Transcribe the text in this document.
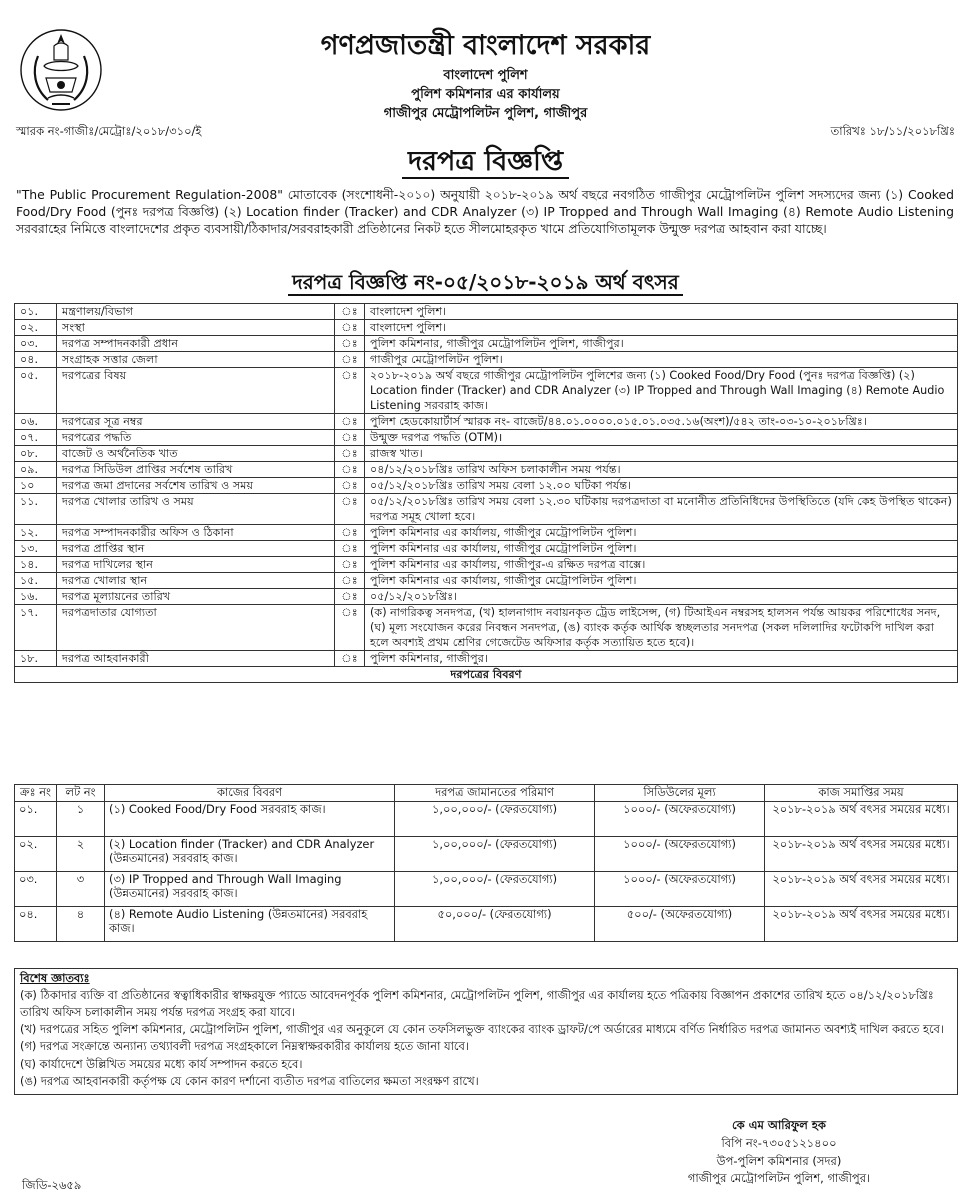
গণপ্রজাতন্ত্রী বাংলাদেশ সরকার
বাংলাদেশ পুলিশ
পুলিশ কমিশনার এর কার্যালয়
গাজীপুর মেট্রোপলিটন পুলিশ, গাজীপুর
স্মারক নং-গাজীঃ/মেট্রোঃ/২০১৮/৩১০/ই	তারিখঃ ১৮/১১/২০১৮খ্রিঃ
দরপত্র বিজ্ঞপ্তি
"The Public Procurement Regulation-2008" মোতাবেক (সংশোধনী-২০১০) অনুযায়ী ২০১৮-২০১৯ অর্থ বছরে নবগঠিত গাজীপুর মেট্রোপলিটন পুলিশ সদস্যদের জন্য (১) Cooked Food/Dry Food (পুনঃ দরপত্র বিজ্ঞপ্তি) (২) Location finder (Tracker) and CDR Analyzer (৩) IP Tropped and Through Wall Imaging (৪) Remote Audio Listening সরবরাহের নিমিত্তে বাংলাদেশের প্রকৃত ব্যবসায়ী/ঠিকাদার/সরবরাহকারী প্রতিষ্ঠানের নিকট হতে সীলমোহরকৃত খামে প্রতিযোগিতামূলক উন্মুক্ত দরপত্র আহবান করা যাচ্ছে।
দরপত্র বিজ্ঞপ্তি নং-০৫/২০১৮-২০১৯ অর্থ বৎসর
০১.	মন্ত্রণালয়/বিভাগ	ঃ	বাংলাদেশ পুলিশ।
০২.	সংস্থা	ঃ	বাংলাদেশ পুলিশ।
০৩.	দরপত্র সম্পাদনকারী প্রধান	ঃ	পুলিশ কমিশনার, গাজীপুর মেট্রোপলিটন পুলিশ, গাজীপুর।
০৪.	সংগ্রাহক সত্তার জেলা	ঃ	গাজীপুর মেট্রোপলিটন পুলিশ।
০৫.	দরপত্রের বিষয়	ঃ	২০১৮-২০১৯ অর্থ বছরে গাজীপুর মেট্রোপলিটন পুলিশের জন্য (১) Cooked Food/Dry Food (পুনঃ দরপত্র বিজ্ঞপ্তি) (২) Location finder (Tracker) and CDR Analyzer (৩) IP Tropped and Through Wall Imaging (৪) Remote Audio Listening সরবরাহ কাজ।
০৬.	দরপত্রের সূত্র নম্বর	ঃ	পুলিশ হেডকোয়ার্টার্স স্মারক নং- বাজেট/৪৪.০১.০০০০.০১৫.০১.০৩৫.১৬(অংশ)/৫৪২ তাং-০৩-১০-২০১৮খ্রিঃ।
০৭.	দরপত্রের পদ্ধতি	ঃ	উন্মুক্ত দরপত্র পদ্ধতি (OTM)।
০৮.	বাজেট ও অর্থনৈতিক খাত	ঃ	রাজস্ব খাত।
০৯.	দরপত্র সিডিউল প্রাপ্তির সর্বশেষ তারিখ	ঃ	০৪/১২/২০১৮খ্রিঃ তারিখ অফিস চলাকালীন সময় পর্যন্ত।
১০	দরপত্র জমা প্রদানের সর্বশেষ তারিখ ও সময়	ঃ	০৫/১২/২০১৮খ্রিঃ তারিখ সময় বেলা ১২.০০ ঘটিকা পর্যন্ত।
১১.	দরপত্র খোলার তারিখ ও সময়	ঃ	০৫/১২/২০১৮খ্রিঃ তারিখ সময় বেলা ১২.৩০ ঘটিকায় দরপত্রদাতা বা মনোনীত প্রতিনিধিদের উপস্থিতিতে (যদি কেহ উপস্থিত থাকেন) দরপত্র সমূহ খোলা হবে।
১২.	দরপত্র সম্পাদনকারীর অফিস ও ঠিকানা	ঃ	পুলিশ কমিশনার এর কার্যালয়, গাজীপুর মেট্রোপলিটন পুলিশ।
১৩.	দরপত্র প্রাপ্তির স্থান	ঃ	পুলিশ কমিশনার এর কার্যালয়, গাজীপুর মেট্রোপলিটন পুলিশ।
১৪.	দরপত্র দাখিলের স্থান	ঃ	পুলিশ কমিশনার এর কার্যালয়, গাজীপুর-এ রক্ষিত দরপত্র বাক্সে।
১৫.	দরপত্র খোলার স্থান	ঃ	পুলিশ কমিশনার এর কার্যালয়, গাজীপুর মেট্রোপলিটন পুলিশ।
১৬.	দরপত্র মূল্যায়নের তারিখ	ঃ	০৫/১২/২০১৮খ্রিঃ।
১৭.	দরপত্রদাতার যোগ্যতা	ঃ	(ক) নাগরিকত্ব সনদপত্র, (খ) হালনাগাদ নবায়নকৃত ট্রেড লাইসেন্স, (গ) টিআইএন নম্বরসহ হালসন পর্যন্ত আয়কর পরিশোধের সনদ, (ঘ) মূল্য সংযোজন করের নিবন্ধন সনদপত্র, (ঙ) ব্যাংক কর্তৃক আর্থিক স্বচ্ছলতার সনদপত্র (সকল দলিলাদির ফটোকপি দাখিল করা হলে অবশ্যই প্রথম শ্রেণির গেজেটেড অফিসার কর্তৃক সত্যায়িত হতে হবে)।
১৮.	দরপত্র আহবানকারী	ঃ	পুলিশ কমিশনার, গাজীপুর।
দরপত্রের বিবরণ			
ক্রঃ নং	লট নং	কাজের বিবরণ	দরপত্র জামানতের পরিমাণ	সিডিউলের মূল্য	কাজ সমাপ্তির সময়
০১.	১	(১) Cooked Food/Dry Food সরবরাহ কাজ।	১,০০,০০০/- (ফেরতযোগ্য)	১০০০/- (অফেরতযোগ্য)	২০১৮-২০১৯ অর্থ বৎসর সময়ের মধ্যে।
০২.	২	(২) Location finder (Tracker) and CDR Analyzer (উন্নতমানের) সরবরাহ কাজ।	১,০০,০০০/- (ফেরতযোগ্য)	১০০০/- (অফেরতযোগ্য)	২০১৮-২০১৯ অর্থ বৎসর সময়ের মধ্যে।
০৩.	৩	(৩) IP Tropped and Through Wall Imaging (উন্নতমানের) সরবরাহ কাজ।	১,০০,০০০/- (ফেরতযোগ্য)	১০০০/- (অফেরতযোগ্য)	২০১৮-২০১৯ অর্থ বৎসর সময়ের মধ্যে।
০৪.	৪	(৪) Remote Audio Listening (উন্নতমানের) সরবরাহ কাজ।	৫০,০০০/- (ফেরতযোগ্য)	৫০০/- (অফেরতযোগ্য)	২০১৮-২০১৯ অর্থ বৎসর সময়ের মধ্যে।
বিশেষ জ্ঞাতব্যঃ
(ক) ঠিকাদার ব্যক্তি বা প্রতিষ্ঠানের স্বত্বাধিকারীর স্বাক্ষরযুক্ত প্যাডে আবেদনপূর্বক পুলিশ কমিশনার, মেট্রোপলিটন পুলিশ, গাজীপুর এর কার্যালয় হতে পত্রিকায় বিজ্ঞাপন প্রকাশের তারিখ হতে ০৪/১২/২০১৮খ্রিঃ তারিখ অফিস চলাকালীন সময় পর্যন্ত দরপত্র সংগ্রহ করা যাবে।
(খ) দরপত্রের সহিত পুলিশ কমিশনার, মেট্রোপলিটন পুলিশ, গাজীপুর এর অনুকূলে যে কোন তফসিলভুক্ত ব্যাংকের ব্যাংক ড্রাফট/পে অর্ডারের মাধ্যমে বর্ণিত নির্ধারিত দরপত্র জামানত অবশ্যই দাখিল করতে হবে।
(গ) দরপত্র সংক্রান্তে অন্যান্য তথ্যাবলী দরপত্র সংগ্রহকালে নিম্নস্বাক্ষরকারীর কার্যালয় হতে জানা যাবে।
(ঘ) কার্যাদেশে উল্লিখিত সময়ের মধ্যে কার্য সম্পাদন করতে হবে।
(ঙ) দরপত্র আহবানকারী কর্তৃপক্ষ যে কোন কারণ দর্শানো ব্যতীত দরপত্র বাতিলের ক্ষমতা সংরক্ষণ রাখে।
কে এম আরিফুল হক
বিপি নং-৭৩০৫১২১৪০০
উপ-পুলিশ কমিশনার (সদর)
গাজীপুর মেট্রোপলিটন পুলিশ, গাজীপুর।
জিডি-২৬৫৯
